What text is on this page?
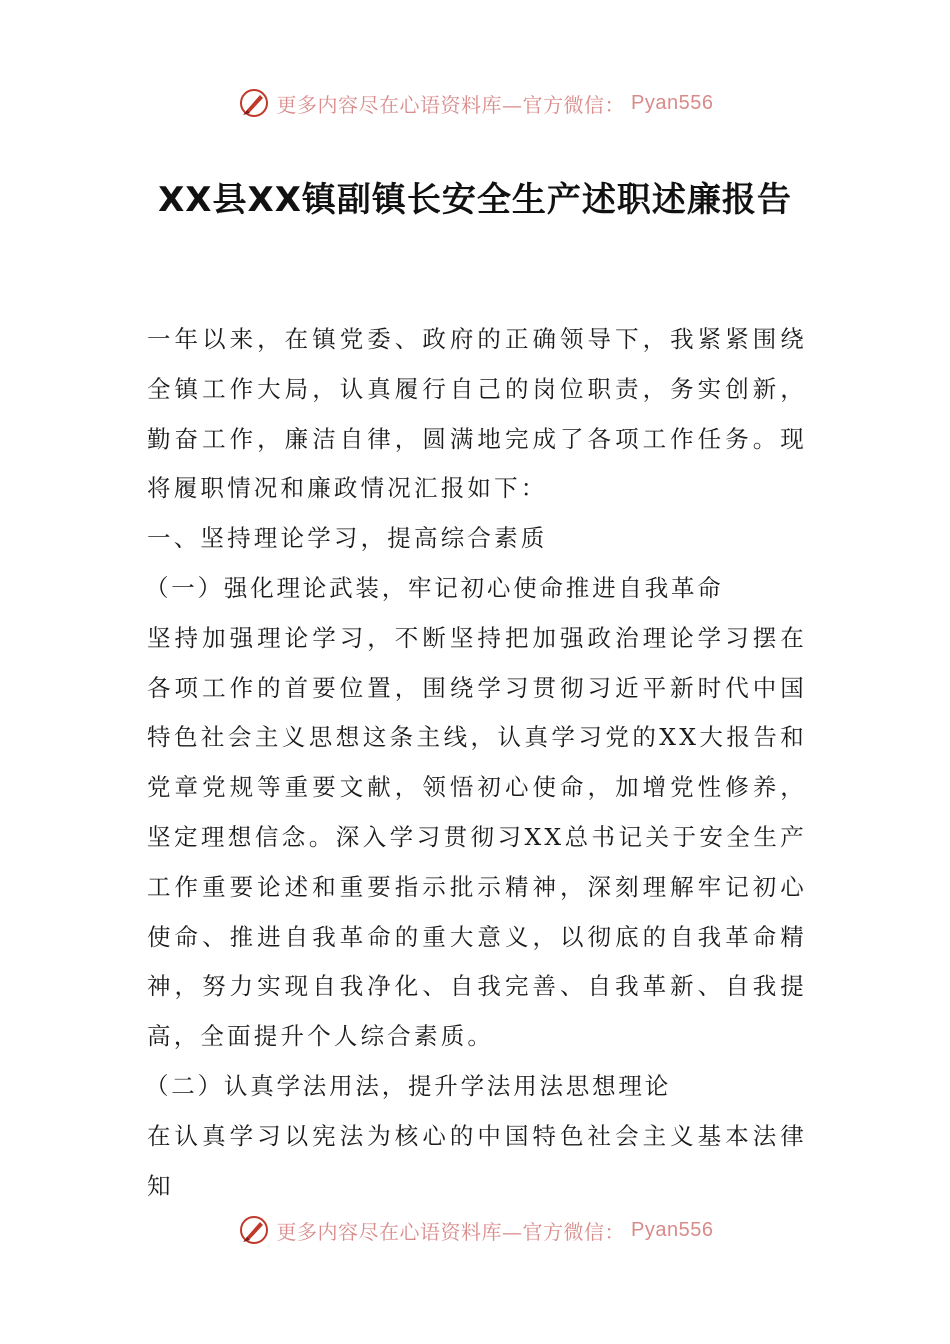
更多内容尽在心语资料库—官方微信： Pyan556
XX县XX镇副镇长安全生产述职述廉报告

一年以来，在镇党委、政府的正确领导下，我紧紧围绕全镇工作大局，认真履行自己的岗位职责，务实创新，勤奋工作，廉洁自律，圆满地完成了各项工作任务。现将履职情况和廉政情况汇报如下：

一、坚持理论学习，提高综合素质

（一）强化理论武装，牢记初心使命推进自我革命

坚持加强理论学习，不断坚持把加强政治理论学习摆在各项工作的首要位置，围绕学习贯彻习近平新时代中国特色社会主义思想这条主线，认真学习党的XX大报告和党章党规等重要文献，领悟初心使命，加增党性修养，坚定理想信念。深入学习贯彻习XX总书记关于安全生产工作重要论述和重要指示批示精神，深刻理解牢记初心使命、推进自我革命的重大意义，以彻底的自我革命精神，努力实现自我净化、自我完善、自我革新、自我提高，全面提升个人综合素质。

（二）认真学法用法，提升学法用法思想理论

在认真学习以宪法为核心的中国特色社会主义基本法律知

更多内容尽在心语资料库—官方微信： Pyan556
